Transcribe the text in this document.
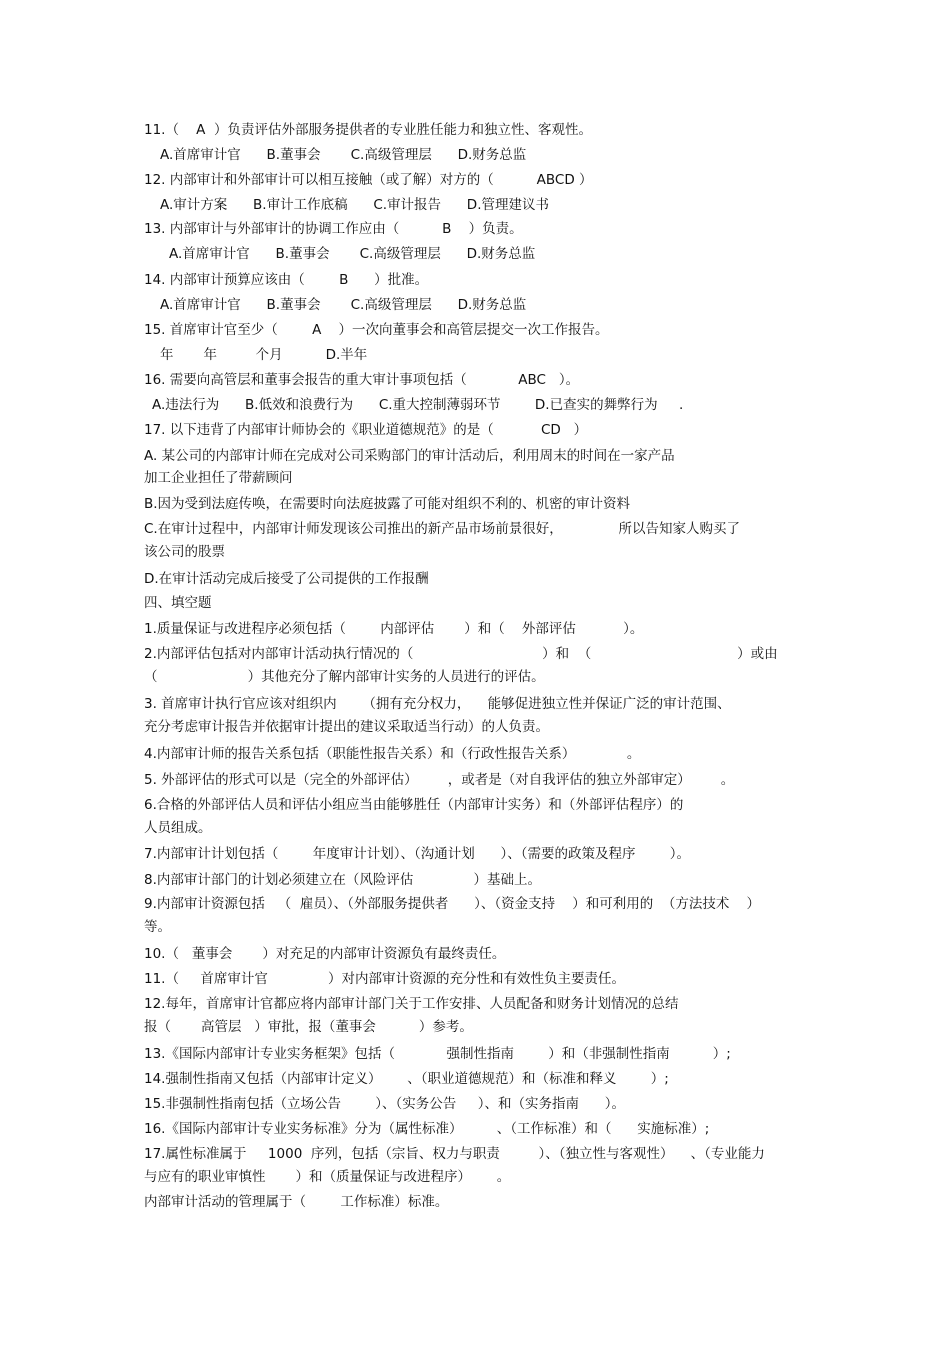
11.（    A  ）负责评估外部服务提供者的专业胜任能力和独立性、客观性。
A.首席审计官      B.董事会       C.高级管理层      D.财务总监
12. 内部审计和外部审计可以相互接触（或了解）对方的（          ABCD ）
A.审计方案      B.审计工作底稿      C.审计报告      D.管理建议书
13. 内部审计与外部审计的协调工作应由（          B    ）负责。
A.首席审计官      B.董事会       C.高级管理层      D.财务总监
14. 内部审计预算应该由（        B      ）批准。
A.首席审计官      B.董事会       C.高级管理层      D.财务总监
15. 首席审计官至少（        A    ）一次向董事会和高管层提交一次工作报告。
年       年         个月          D.半年
16. 需要向高管层和董事会报告的重大审计事项包括（            ABC   ）。
A.违法行为      B.低效和浪费行为      C.重大控制薄弱环节        D.已查实的舞弊行为     .
17. 以下违背了内部审计师协会的《职业道德规范》的是（           CD   ）
A. 某公司的内部审计师在完成对公司采购部门的审计活动后，利用周末的时间在一家产品
加工企业担任了带薪顾问
B.因为受到法庭传唤，在需要时向法庭披露了可能对组织不利的、机密的审计资料
C.在审计过程中，内部审计师发现该公司推出的新产品市场前景很好，             所以告知家人购买了
该公司的股票
D.在审计活动完成后接受了公司提供的工作报酬
四、填空题
1.质量保证与改进程序必须包括（        内部评估       ）和（    外部评估           ）。
2.内部评估包括对内部审计活动执行情况的（                              ）和  （                                  ）或由
（                     ）其他充分了解内部审计实务的人员进行的评估。
3. 首席审计执行官应该对组织内      （拥有充分权力，    能够促进独立性并保证广泛的审计范围、
充分考虑审计报告并依据审计提出的建议采取适当行动）的人负责。
4.内部审计师的报告关系包括（职能性报告关系）和（行政性报告关系）            。
5. 外部评估的形式可以是（完全的外部评估）       ，或者是（对自我评估的独立外部审定）       。
6.合格的外部评估人员和评估小组应当由能够胜任（内部审计实务）和（外部评估程序）的
人员组成。
7.内部审计计划包括（        年度审计计划）、（沟通计划      ）、（需要的政策及程序        ）。
8.内部审计部门的计划必须建立在（风险评估              ）基础上。
9.内部审计资源包括   （  雇员）、（外部服务提供者      ）、（资金支持    ）和可利用的  （方法技术    ）
等。
10.（   董事会       ）对充足的内部审计资源负有最终责任。
11.（     首席审计官              ）对内部审计资源的充分性和有效性负主要责任。
12.每年，首席审计官都应将内部审计部门关于工作安排、人员配备和财务计划情况的总结
报（       高管层   ）审批，报（董事会          ）参考。
13.《国际内部审计专业实务框架》包括（            强制性指南        ）和（非强制性指南          ）;
14.强制性指南又包括（内部审计定义）      、（职业道德规范）和（标准和释义        ）;
15.非强制性指南包括（立场公告        ）、（实务公告     ）、和（实务指南      ）。
16.《国际内部审计专业实务标准》分为（属性标准）        、（工作标准）和（      实施标准）;
17.属性标准属于     1000  序列，包括（宗旨、权力与职责         ）、（独立性与客观性）    、（专业能力
与应有的职业审慎性       ）和（质量保证与改进程序）      。
内部审计活动的管理属于（        工作标准）标准。
